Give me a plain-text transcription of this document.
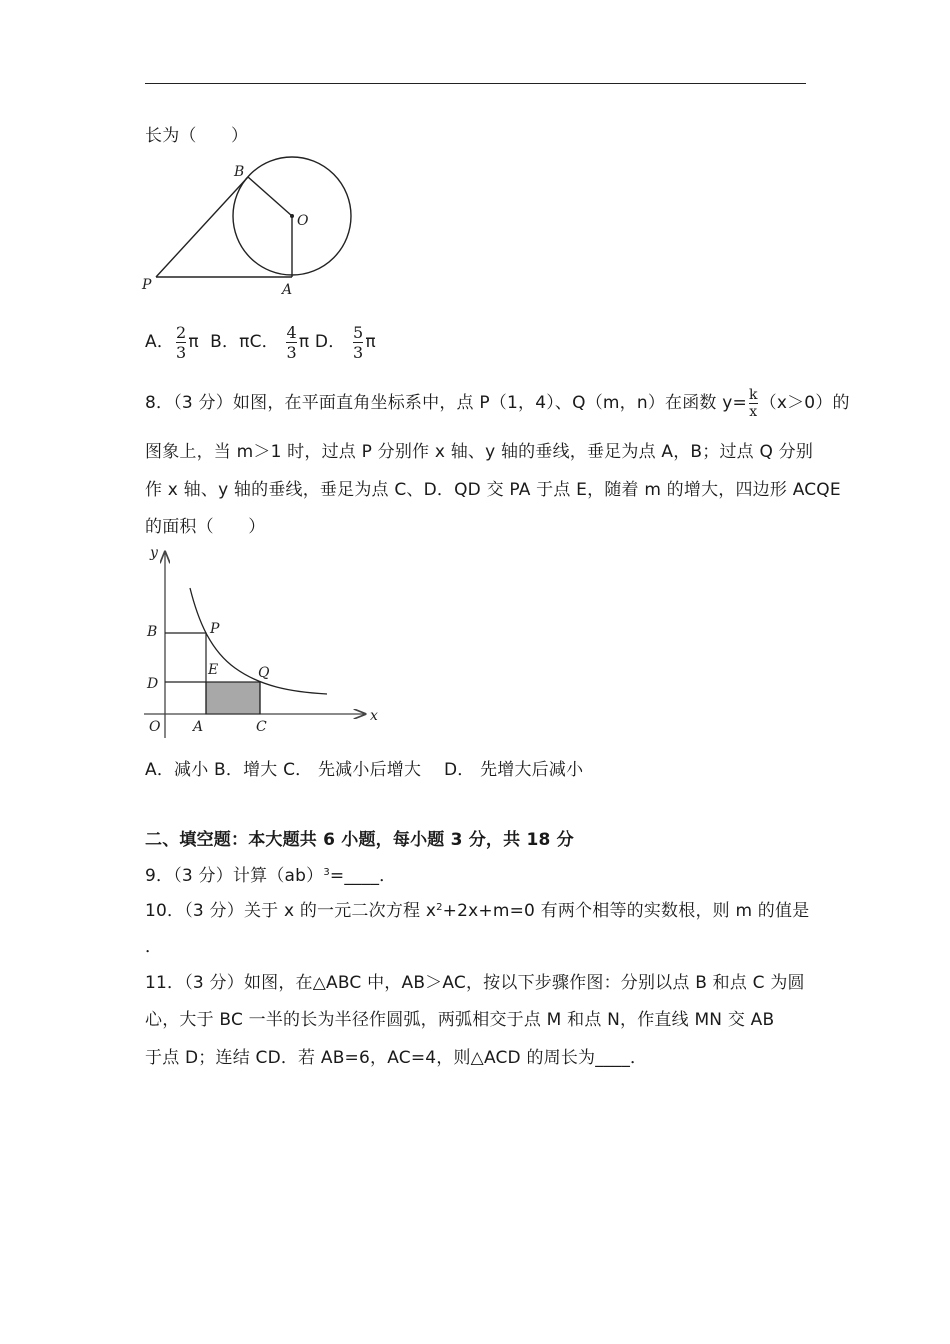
长为（　　）
B
O
P	A
A． $\frac{2}{3}$ π B．πC． $\frac{4}{3}$ π D． $\frac{5}{3}$ π
8．（3 分）如图，在平面直角坐标系中，点 P（1，4）、Q（m，n）在函数 $y= \frac{k}{x} (x>0)$的
图象上，当 m＞1 时，过点 P 分别作 x 轴、y 轴的垂线，垂足为点 A，B；过点 Q 分别
作 x 轴、y 轴的垂线，垂足为点 C、D．QD 交 PA 于点 E，随着 m 的增大，四边形 ACQE
的面积（　　）
y
x
B	P
D
E	Q
O A	C
A．减小 B．增大 C． 先减小后增大　 D． 先增大后减小
二、填空题：本大题共 6 小题，每小题 3 分，共 18 分
9．（3 分）计算（ab）$^3$=____．
10．（3 分）关于 x 的一元二次方程 $x^2+2x+m=0$ 有两个相等的实数根，则 m 的值是
．
11．（3 分）如图，在△ABC 中，AB＞AC，按以下步骤作图：分别以点 B 和点 C 为圆
心，大于 BC 一半的长为半径作圆弧，两弧相交于点 M 和点 N，作直线 MN 交 AB
于点 D；连结 CD．若 AB=6，AC=4，则△ACD 的周长为____．
